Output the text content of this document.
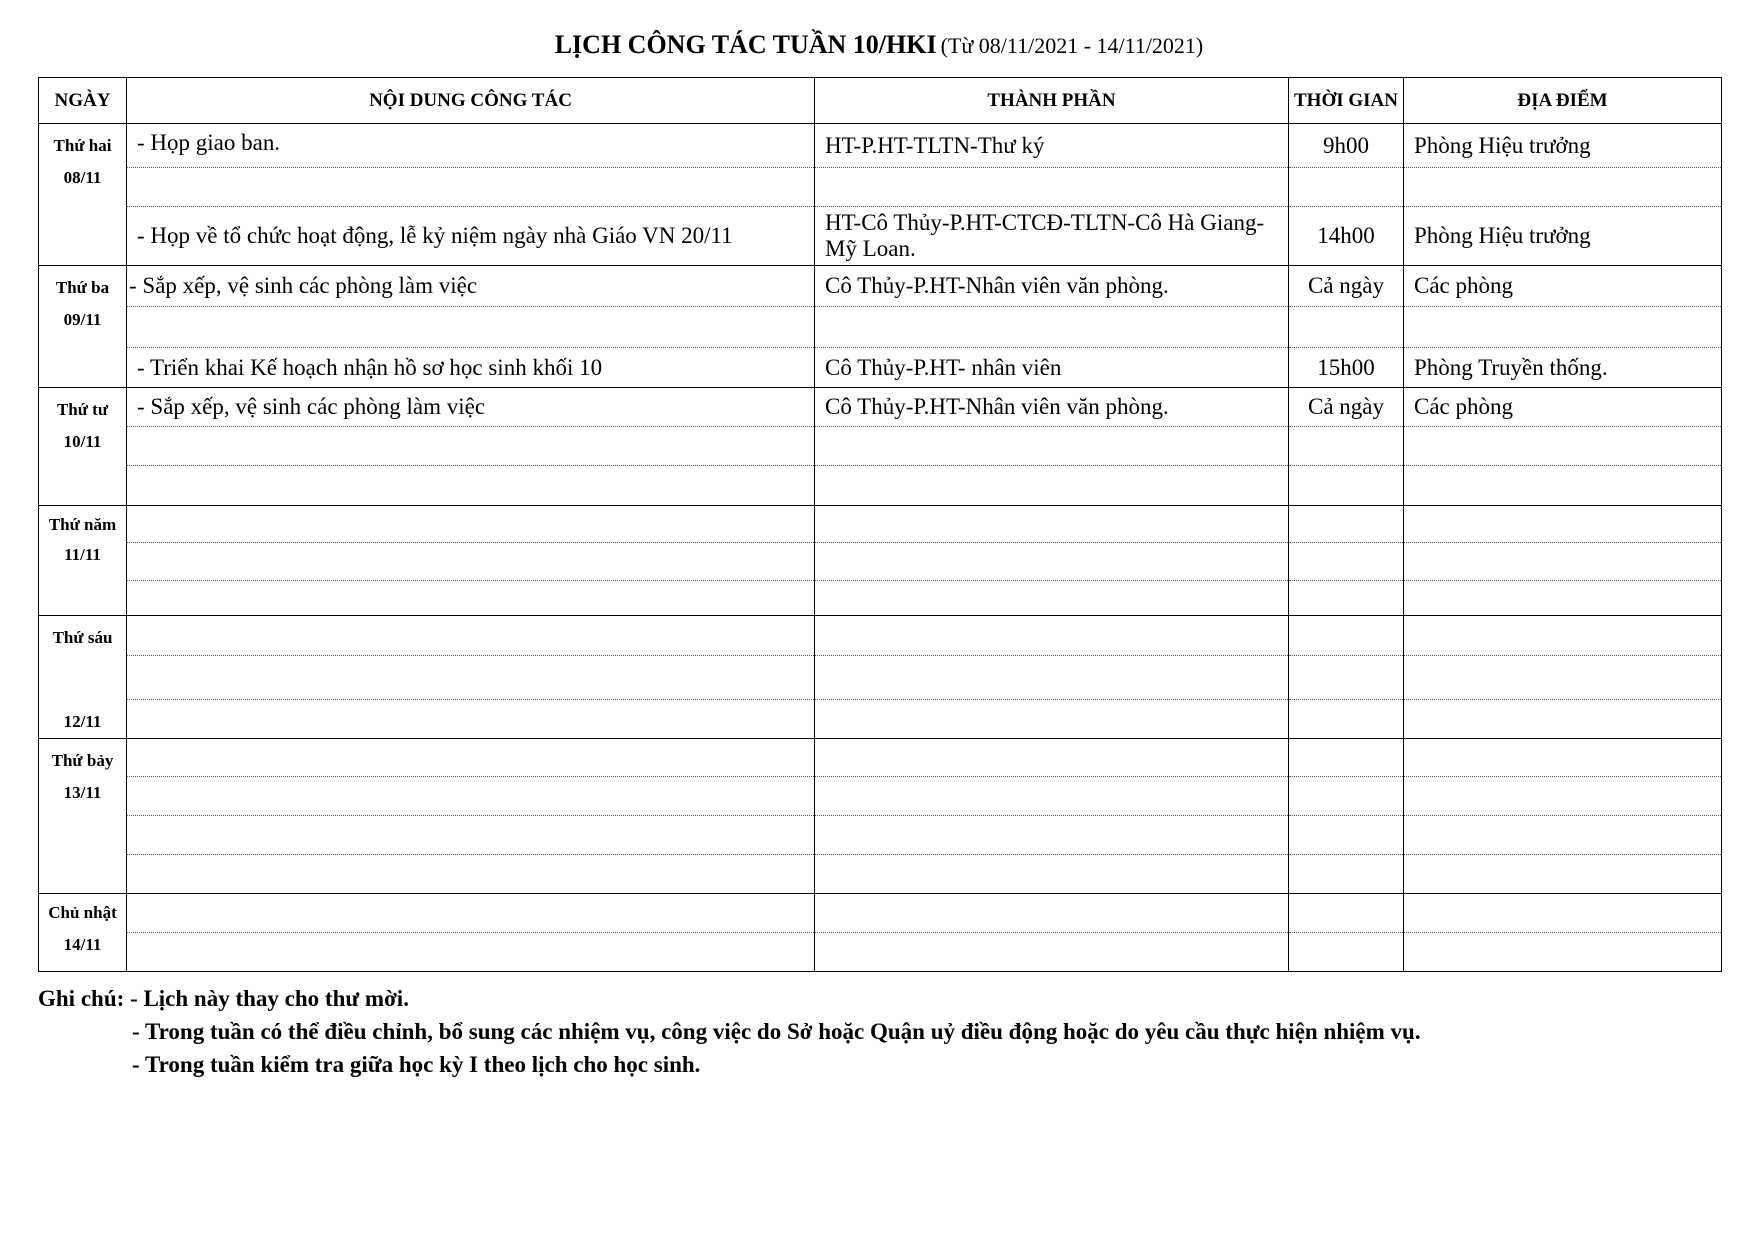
LỊCH CÔNG TÁC TUẦN 10/HKI (Từ 08/11/2021 - 14/11/2021)
NGÀY	NỘI DUNG CÔNG TÁC	THÀNH PHẦN	THỜI GIAN	ĐỊA ĐIỂM

Thứ hai
08/11	- Họp giao ban.	HT-P.HT-TLTN-Thư ký	9h00	Phòng Hiệu trưởng

	- Họp về tổ chức hoạt động, lễ kỷ niệm ngày nhà Giáo VN 20/11	HT-Cô Thủy-P.HT-CTCĐ-TLTN-Cô Hà Giang-Mỹ Loan.	14h00	Phòng Hiệu trưởng

Thứ ba
09/11	- Sắp xếp, vệ sinh các phòng làm việc	Cô Thủy-P.HT-Nhân viên văn phòng.	Cả ngày	Các phòng

	- Triển khai Kế hoạch nhận hồ sơ học sinh khối 10	Cô Thủy-P.HT- nhân viên	15h00	Phòng Truyền thống.

Thứ tư
10/11	- Sắp xếp, vệ sinh các phòng làm việc	Cô Thủy-P.HT-Nhân viên văn phòng.	Cả ngày	Các phòng

Thứ năm
11/11				

Thứ sáu
12/11				

Thứ bảy
13/11				

Chủ nhật
14/11				

Ghi chú: - Lịch này thay cho thư mời.
- Trong tuần có thể điều chỉnh, bổ sung các nhiệm vụ, công việc do Sở hoặc Quận uỷ điều động hoặc do yêu cầu thực hiện nhiệm vụ.
- Trong tuần kiểm tra giữa học kỳ I theo lịch cho học sinh.
